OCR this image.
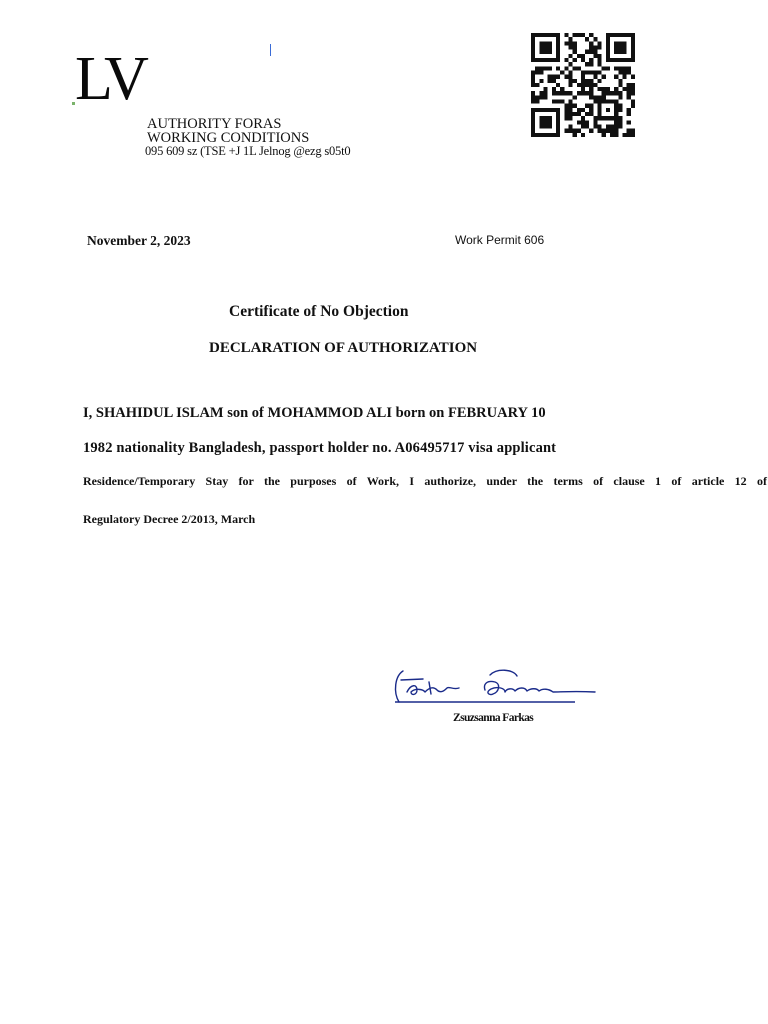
LV
AUTHORITY FORAS
WORKING CONDITIONS
095 609 sz (TSE +J 1L Jelnog @ezg s05t0
November 2, 2023	Work Permit 606
Certificate of No Objection
DECLARATION OF AUTHORIZATION
I, SHAHIDUL ISLAM son of MOHAMMOD ALI born on FEBRUARY 10
1982 nationality Bangladesh, passport holder no. A06495717 visa applicant
Residence/Temporary Stay for the purposes of Work, I authorize, under the terms of clause 1 of article 12 of
Regulatory Decree 2/2013, March
Zsuzsanna Farkas
